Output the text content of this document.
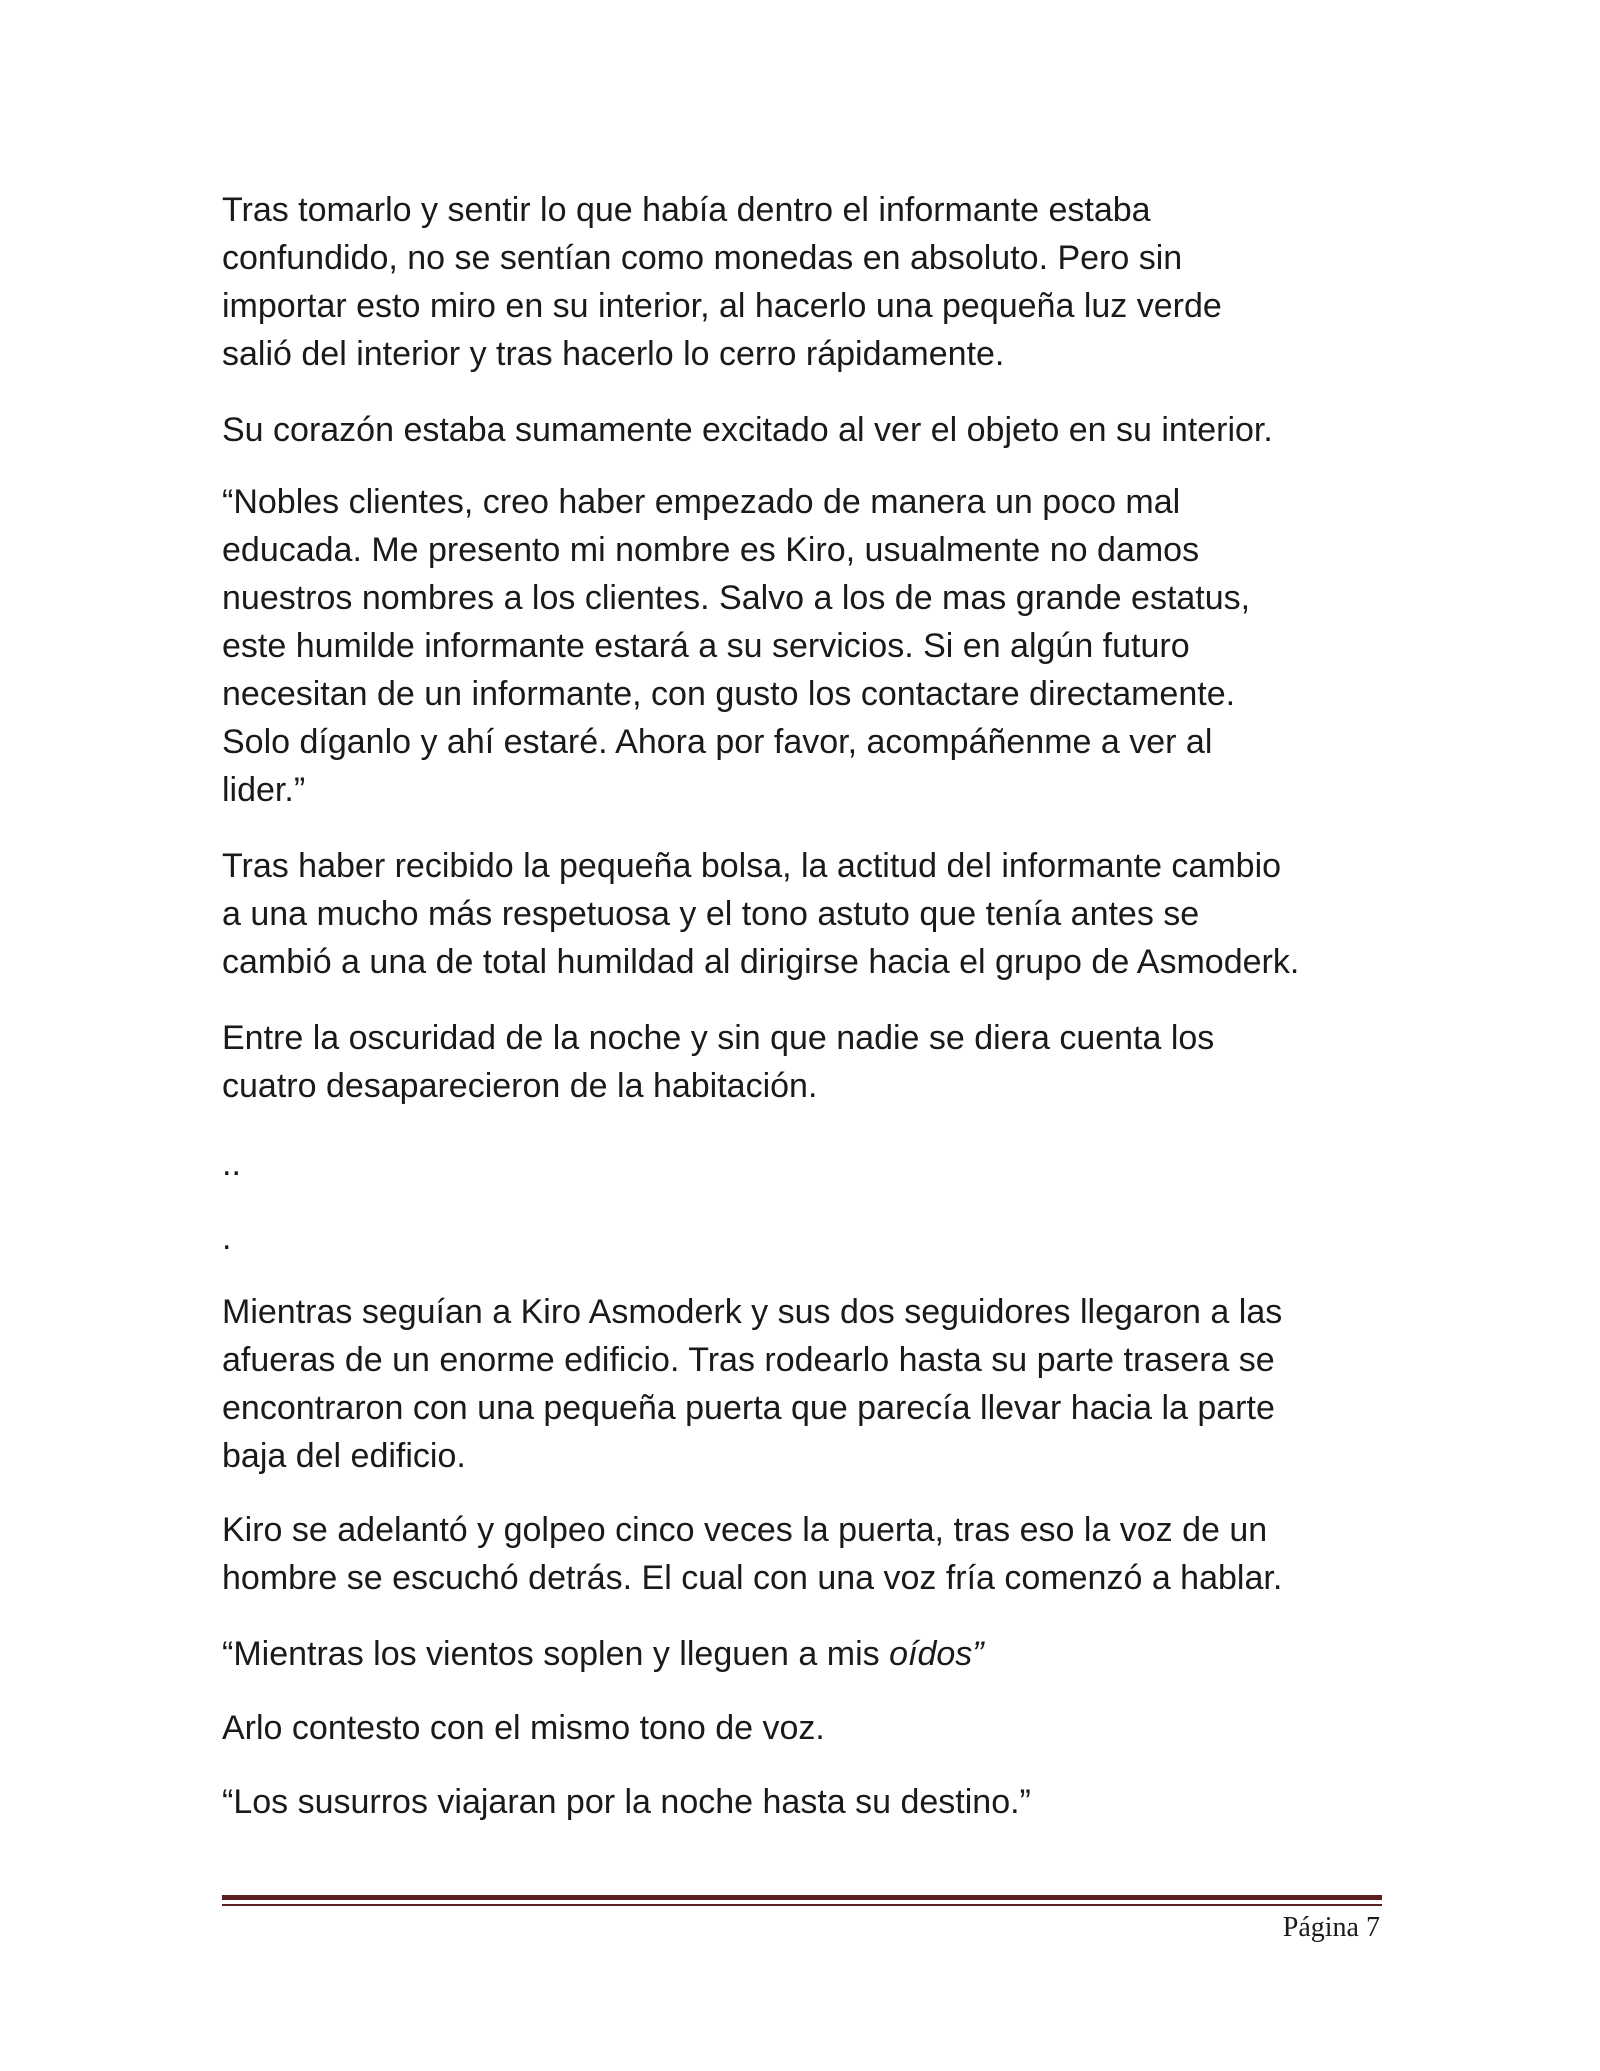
Tras tomarlo y sentir lo que había dentro el informante estaba
confundido, no se sentían como monedas en absoluto. Pero sin
importar esto miro en su interior, al hacerlo una pequeña luz verde
salió del interior y tras hacerlo lo cerro rápidamente.

Su corazón estaba sumamente excitado al ver el objeto en su interior.

“Nobles clientes, creo haber empezado de manera un poco mal
educada. Me presento mi nombre es Kiro, usualmente no damos
nuestros nombres a los clientes. Salvo a los de mas grande estatus,
este humilde informante estará a su servicios. Si en algún futuro
necesitan de un informante, con gusto los contactare directamente.
Solo díganlo y ahí estaré. Ahora por favor, acompáñenme a ver al
lider.”

Tras haber recibido la pequeña bolsa, la actitud del informante cambio
a una mucho más respetuosa y el tono astuto que tenía antes se
cambió a una de total humildad al dirigirse hacia el grupo de Asmoderk.

Entre la oscuridad de la noche y sin que nadie se diera cuenta los
cuatro desaparecieron de la habitación.

..

.

Mientras seguían a Kiro Asmoderk y sus dos seguidores llegaron a las
afueras de un enorme edificio. Tras rodearlo hasta su parte trasera se
encontraron con una pequeña puerta que parecía llevar hacia la parte
baja del edificio.

Kiro se adelantó y golpeo cinco veces la puerta, tras eso la voz de un
hombre se escuchó detrás. El cual con una voz fría comenzó a hablar.

“Mientras los vientos soplen y lleguen a mis oídos”

Arlo contesto con el mismo tono de voz.

“Los susurros viajaran por la noche hasta su destino.”

Página 7
